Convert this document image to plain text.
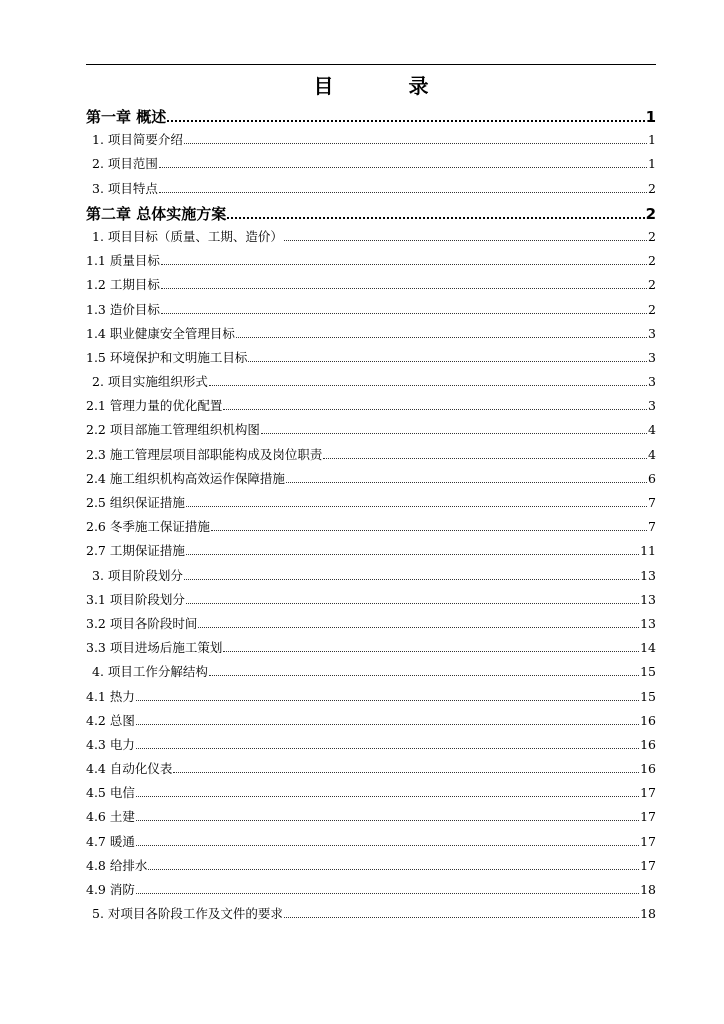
目 录
第一章 概述	1
1. 项目简要介绍	1
2. 项目范围	1
3. 项目特点	2
第二章 总体实施方案	2
1. 项目目标（质量、工期、造价）	2
1.1 质量目标	2
1.2 工期目标	2
1.3 造价目标	2
1.4 职业健康安全管理目标	3
1.5 环境保护和文明施工目标	3
2. 项目实施组织形式	3
2.1 管理力量的优化配置	3
2.2 项目部施工管理组织机构图	4
2.3 施工管理层项目部职能构成及岗位职责	4
2.4 施工组织机构高效运作保障措施	6
2.5 组织保证措施	7
2.6 冬季施工保证措施	7
2.7 工期保证措施	11
3. 项目阶段划分	13
3.1 项目阶段划分	13
3.2 项目各阶段时间	13
3.3 项目进场后施工策划	14
4. 项目工作分解结构	15
4.1 热力	15
4.2 总图	16
4.3 电力	16
4.4 自动化仪表	16
4.5 电信	17
4.6 土建	17
4.7 暖通	17
4.8 给排水	17
4.9 消防	18
5. 对项目各阶段工作及文件的要求	18
